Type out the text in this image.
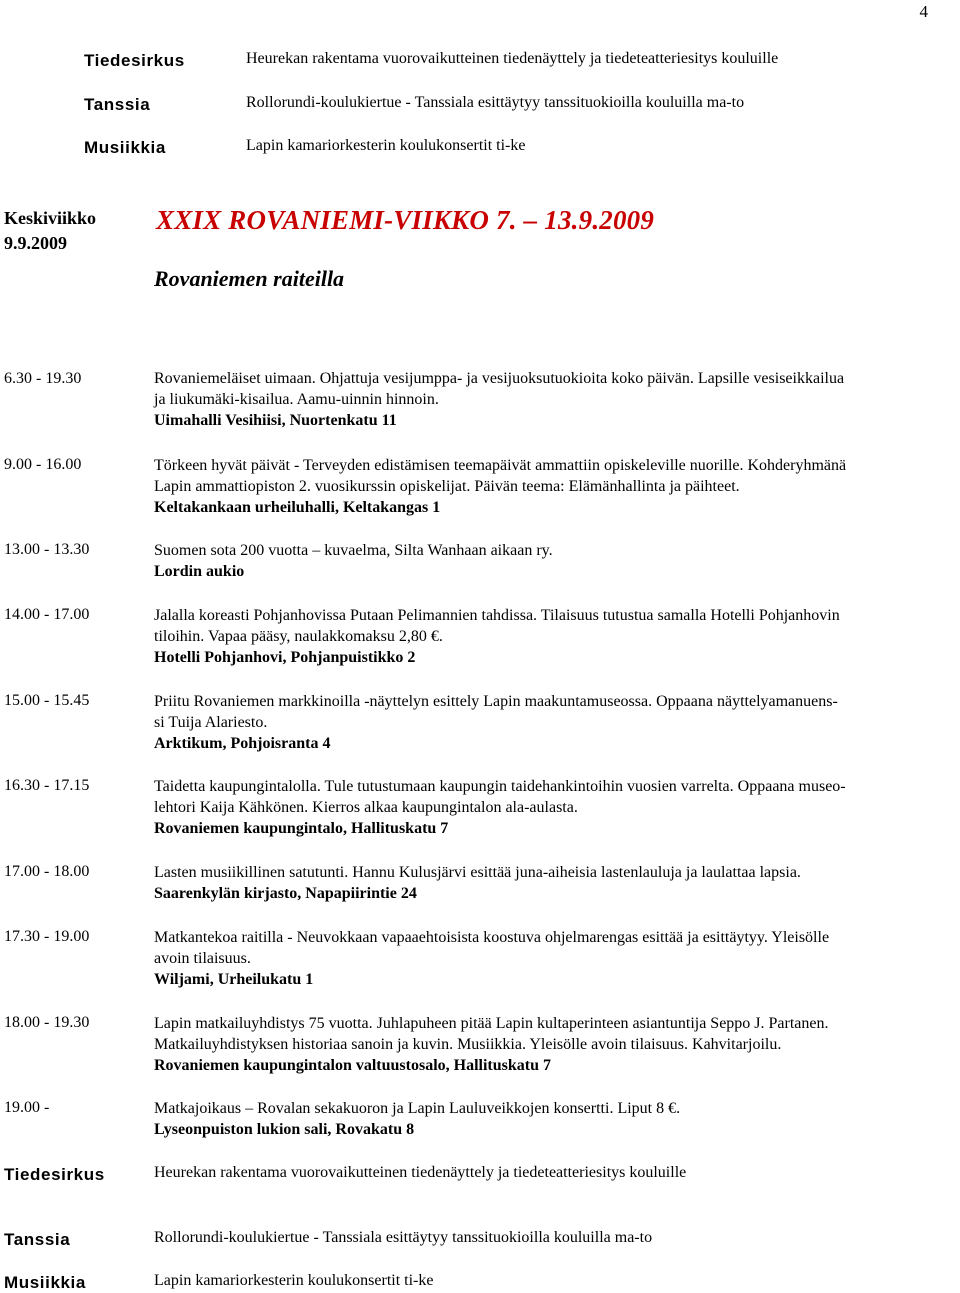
4
Tiedesirkus	Heurekan rakentama vuorovaikutteinen tiedenäyttely ja tiedeteatteriesitys kouluille
Tanssia	Rollorundi-koulukiertue - Tanssiala esittäytyy tanssituokioilla kouluilla ma-to
Musiikkia	Lapin kamariorkesterin koulukonsertit ti-ke
Keskiviikko
9.9.2009
XXIX ROVANIEMI-VIIKKO 7. – 13.9.2009
Rovaniemen raiteilla
6.30 - 19.30	Rovaniemeläiset uimaan. Ohjattuja vesijumppa- ja vesijuoksutuokioita koko päivän. Lapsille vesiseikkailua
ja liukumäki-kisailua. Aamu-uinnin hinnoin.
Uimahalli Vesihiisi, Nuortenkatu 11
9.00 - 16.00	Törkeen hyvät päivät - Terveyden edistämisen teemapäivät ammattiin opiskeleville nuorille. Kohderyhmänä
Lapin ammattiopiston 2. vuosikurssin opiskelijat. Päivän teema: Elämänhallinta ja päihteet.
Keltakankaan urheiluhalli, Keltakangas 1
13.00 - 13.30	Suomen sota 200 vuotta – kuvaelma, Silta Wanhaan aikaan ry.
Lordin aukio
14.00 - 17.00	Jalalla koreasti Pohjanhovissa Putaan Pelimannien tahdissa. Tilaisuus tutustua samalla Hotelli Pohjanhovin
tiloihin. Vapaa pääsy, naulakkomaksu 2,80 €.
Hotelli Pohjanhovi, Pohjanpuistikko 2
15.00 - 15.45	Priitu Rovaniemen markkinoilla -näyttelyn esittely Lapin maakuntamuseossa. Oppaana näyttelyamanuens-
si Tuija Alariesto.
Arktikum, Pohjoisranta 4
16.30 - 17.15	Taidetta kaupungintalolla. Tule tutustumaan kaupungin taidehankintoihin vuosien varrelta. Oppaana museo-
lehtori Kaija Kähkönen. Kierros alkaa kaupungintalon ala-aulasta.
Rovaniemen kaupungintalo, Hallituskatu 7
17.00 - 18.00	Lasten musiikillinen satutunti. Hannu Kulusjärvi esittää juna-aiheisia lastenlauluja ja laulattaa lapsia.
Saarenkylän kirjasto, Napapiirintie 24
17.30 - 19.00	Matkantekoa raitilla - Neuvokkaan vapaaehtoisista koostuva ohjelmarengas esittää ja esittäytyy. Yleisölle
avoin tilaisuus.
Wiljami, Urheilukatu 1
18.00 - 19.30	Lapin matkailuyhdistys 75 vuotta. Juhlapuheen pitää Lapin kultaperinteen asiantuntija Seppo J. Partanen.
Matkailuyhdistyksen historiaa sanoin ja kuvin. Musiikkia. Yleisölle avoin tilaisuus. Kahvitarjoilu.
Rovaniemen kaupungintalon valtuustosalo, Hallituskatu 7
19.00 -	Matkajoikaus – Rovalan sekakuoron ja Lapin Lauluveikkojen konsertti. Liput 8 €.
Lyseonpuiston lukion sali, Rovakatu 8
Tiedesirkus	Heurekan rakentama vuorovaikutteinen tiedenäyttely ja tiedeteatteriesitys kouluille
Tanssia	Rollorundi-koulukiertue - Tanssiala esittäytyy tanssituokioilla kouluilla ma-to
Musiikkia	Lapin kamariorkesterin koulukonsertit ti-ke
